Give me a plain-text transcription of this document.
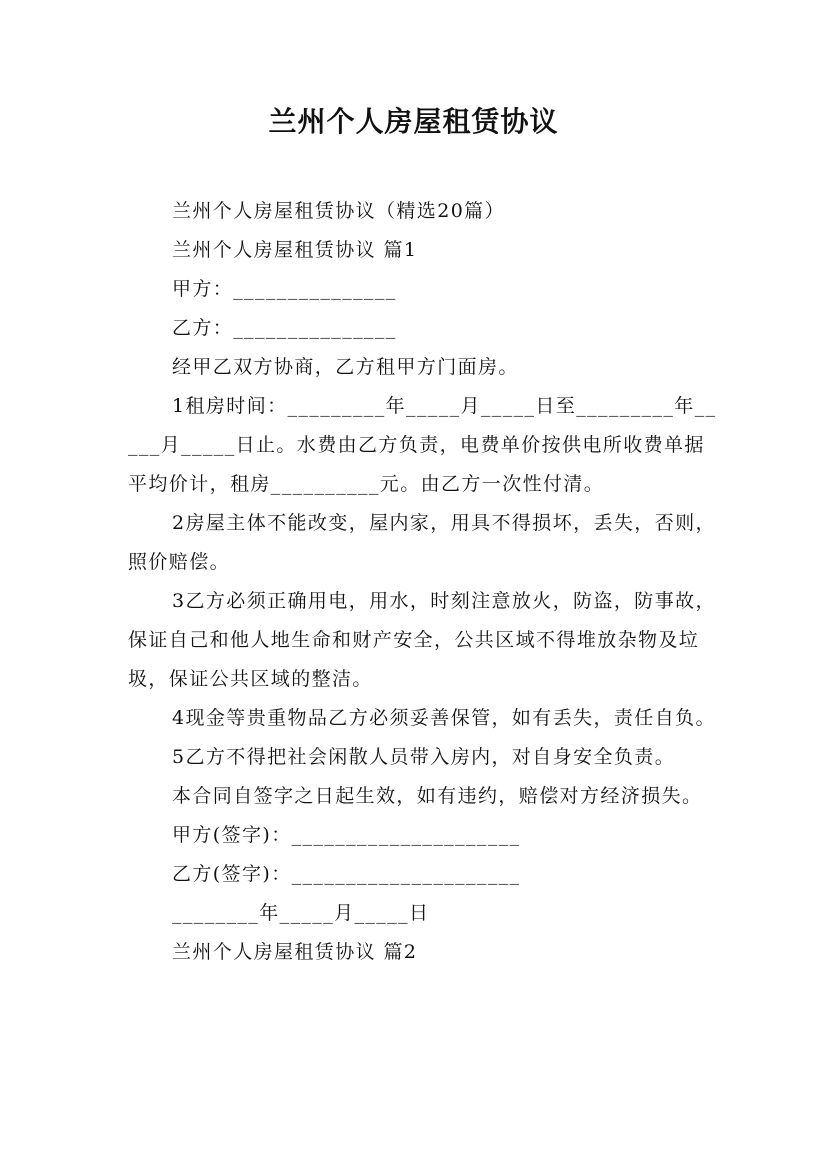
兰州个人房屋租赁协议

兰州个人房屋租赁协议（精选20篇）

兰州个人房屋租赁协议 篇1

甲方：_______________

乙方：_______________

经甲乙双方协商，乙方租甲方门面房。

1租房时间：_________年_____月_____日至_________年_____月_____日止。水费由乙方负责，电费单价按供电所收费单据平均价计，租房__________元。由乙方一次性付清。

2房屋主体不能改变，屋内家，用具不得损坏，丢失，否则，照价赔偿。

3乙方必须正确用电，用水，时刻注意放火，防盗，防事故，保证自己和他人地生命和财产安全，公共区域不得堆放杂物及垃圾，保证公共区域的整洁。

4现金等贵重物品乙方必须妥善保管，如有丢失，责任自负。

5乙方不得把社会闲散人员带入房内，对自身安全负责。

本合同自签字之日起生效，如有违约，赔偿对方经济损失。

甲方(签字)：_____________________

乙方(签字)：_____________________

________年_____月_____日

兰州个人房屋租赁协议 篇2
